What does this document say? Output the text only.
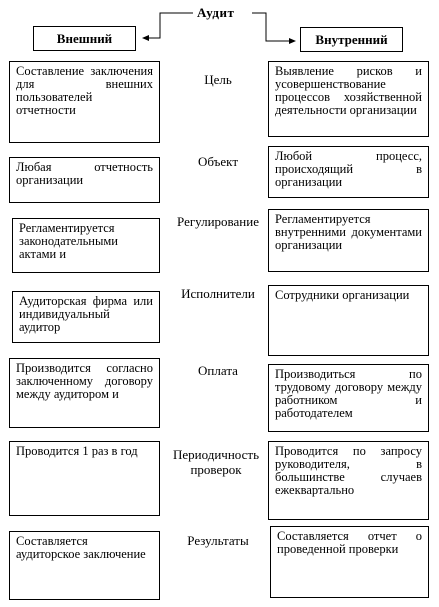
Аудит
Внешний	Внутренний
Цель
Составление заключения для внешних пользователей отчетности
Выявление рисков и усовершенствование процессов хозяйственной деятельности организации
Объект
Любая отчетность организации
Любой процесс, происходящий в организации
Регулирование
Регламентируется законодательными актами и
Регламентируется внутренними документами организации
Исполнители
Аудиторская фирма или индивидуальный аудитор
Сотрудники организации
Оплата
Производится согласно заключенному договору между аудитором и
Производиться по трудовому договору между работником и работодателем
Периодичность проверок
Проводится 1 раз в год	Проводится по запросу руководителя, в большинстве случаев ежеквартально
Результаты
Составляется аудиторское заключение
Составляется отчет о проведенной проверки
